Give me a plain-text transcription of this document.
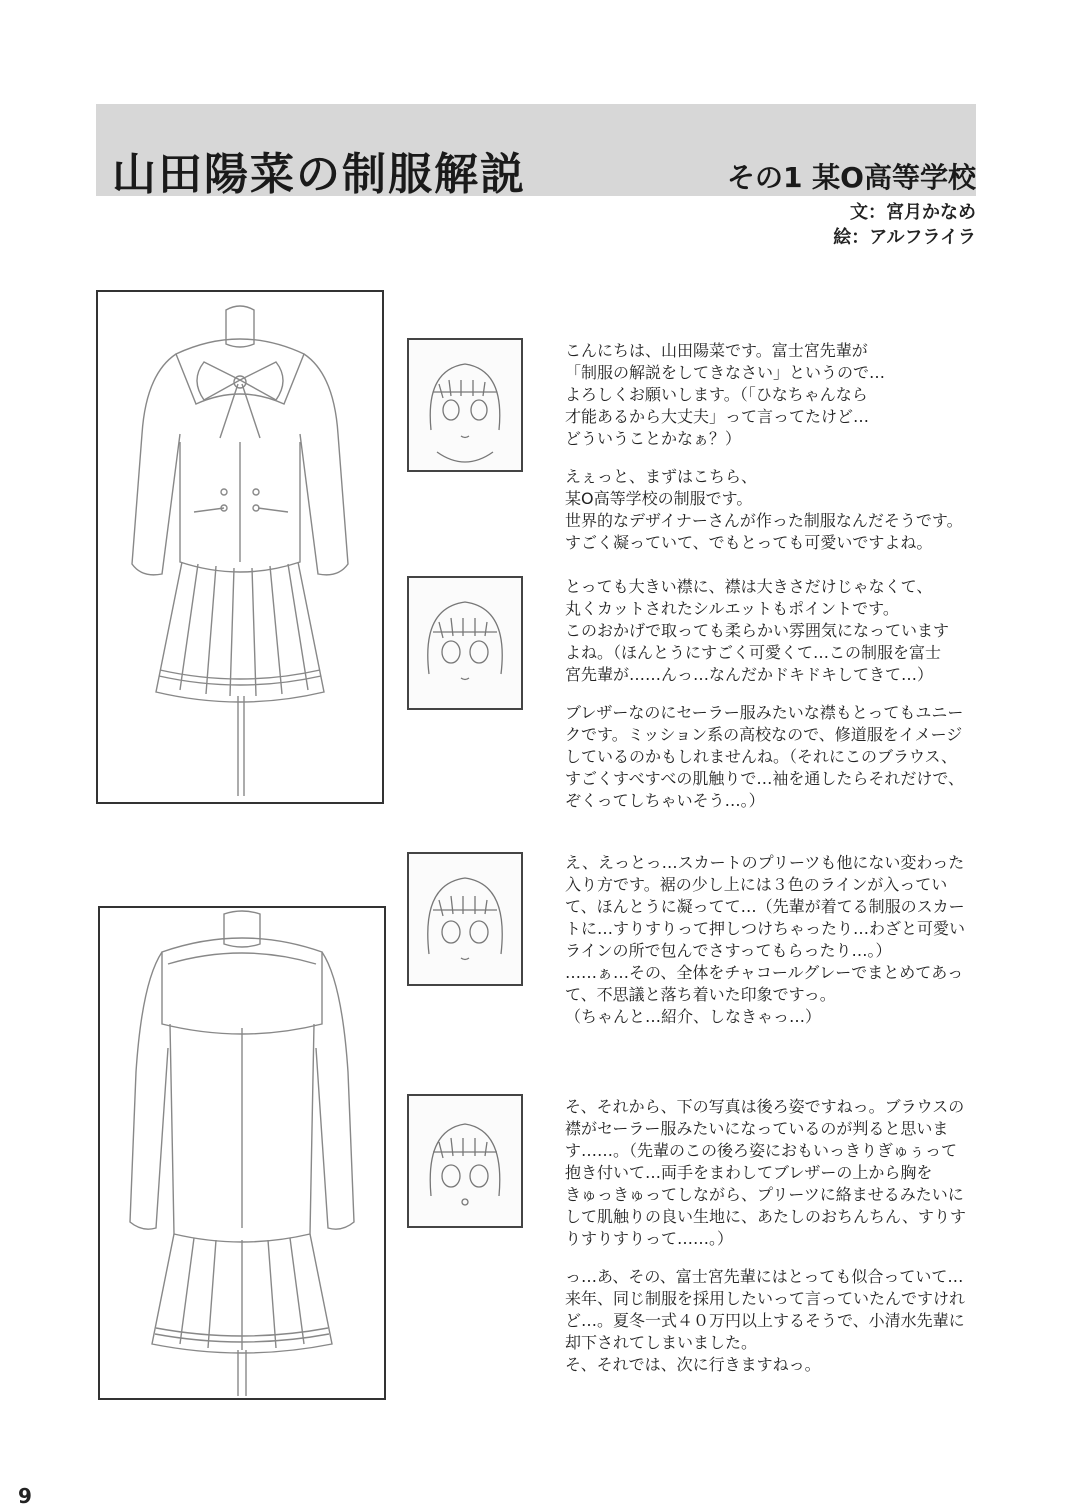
山田陽菜の制服解説	その1 某O高等学校
文：宮月かなめ
絵：アルフライラ

こんにちは、山田陽菜です。富士宮先輩が
「制服の解説をしてきなさい」というので…
よろしくお願いします。（「ひなちゃんなら
才能あるから大丈夫」って言ってたけど…
どういうことかなぁ？）

えぇっと、まずはこちら、
某O高等学校の制服です。
世界的なデザイナーさんが作った制服なんだそうです。
すごく凝っていて、でもとっても可愛いですよね。

とっても大きい襟に、襟は大きさだけじゃなくて、
丸くカットされたシルエットもポイントです。
このおかげで取っても柔らかい雰囲気になっています
よね。（ほんとうにすごく可愛くて…この制服を富士
宮先輩が……んっ…なんだかドキドキしてきて…）

ブレザーなのにセーラー服みたいな襟もとってもユニー
クです。ミッション系の高校なので、修道服をイメージ
しているのかもしれませんね。（それにこのブラウス、
すごくすべすべの肌触りで…袖を通したらそれだけで、
ぞくってしちゃいそう…。）

え、えっとっ…スカートのプリーツも他にない変わった
入り方です。裾の少し上には３色のラインが入ってい
て、ほんとうに凝ってて…（先輩が着てる制服のスカー
トに…すりすりって押しつけちゃったり…わざと可愛い
ラインの所で包んでさすってもらったり…。）
……ぁ…その、全体をチャコールグレーでまとめてあっ
て、不思議と落ち着いた印象ですっ。
（ちゃんと…紹介、しなきゃっ…）

そ、それから、下の写真は後ろ姿ですねっ。ブラウスの
襟がセーラー服みたいになっているのが判ると思いま
す……。（先輩のこの後ろ姿におもいっきりぎゅぅって
抱き付いて…両手をまわしてブレザーの上から胸を
きゅっきゅってしながら、プリーツに絡ませるみたいに
して肌触りの良い生地に、あたしのおちんちん、すりす
りすりすりって……。）

っ…あ、その、富士宮先輩にはとっても似合っていて…
来年、同じ制服を採用したいって言っていたんですけれ
ど…。夏冬一式４０万円以上するそうで、小清水先輩に
却下されてしまいました。
そ、それでは、次に行きますねっ。

9
